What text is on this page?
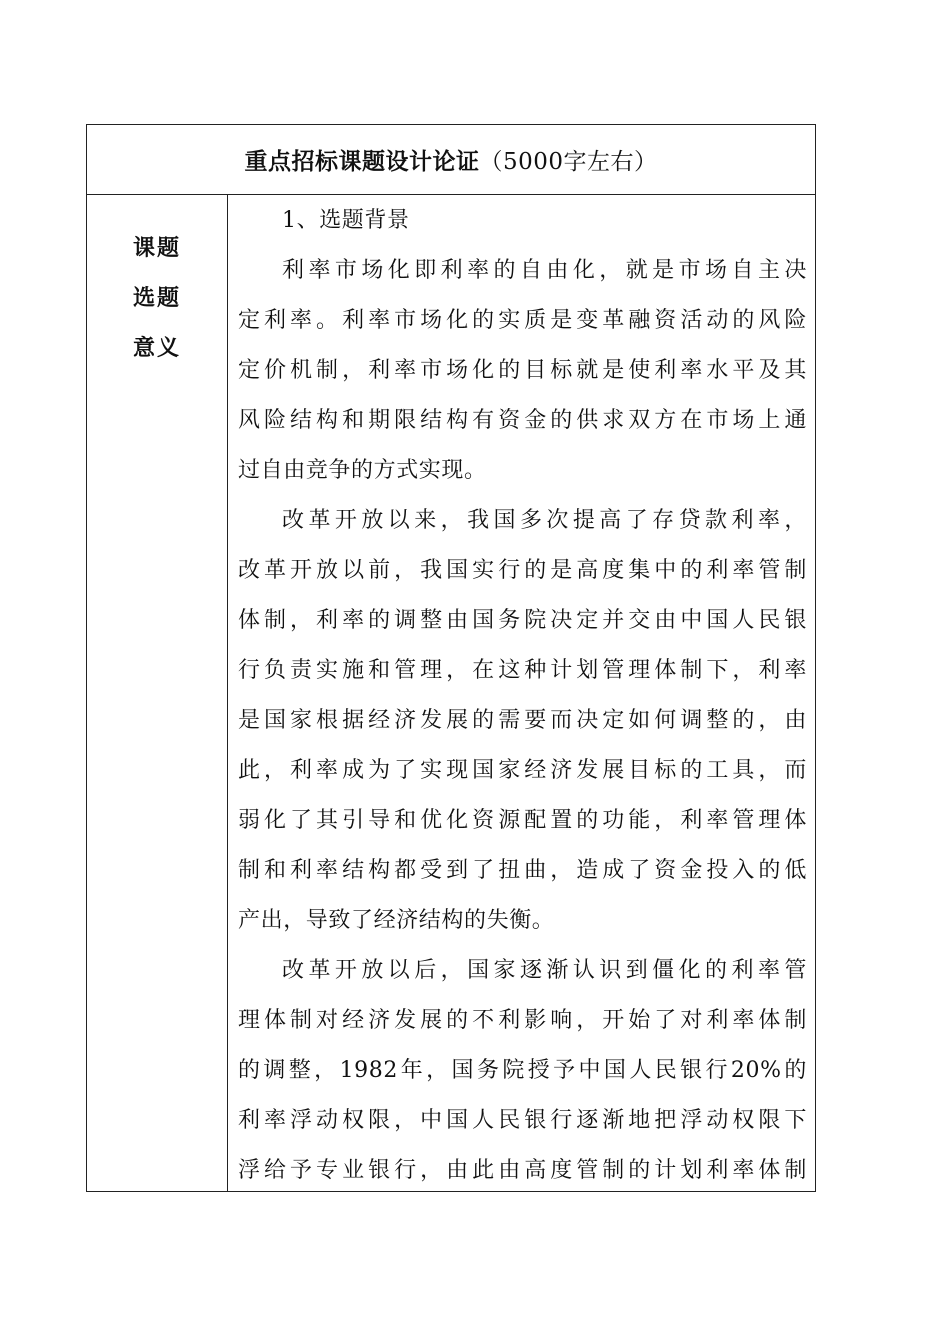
重点招标课题设计论证（5000字左右）
课题
选题
意义
1、选题背景
利率市场化即利率的自由化，就是市场自主决
定利率。利率市场化的实质是变革融资活动的风险
定价机制，利率市场化的目标就是使利率水平及其
风险结构和期限结构有资金的供求双方在市场上通
过自由竞争的方式实现。
改革开放以来，我国多次提高了存贷款利率，
改革开放以前，我国实行的是高度集中的利率管制
体制，利率的调整由国务院决定并交由中国人民银
行负责实施和管理，在这种计划管理体制下，利率
是国家根据经济发展的需要而决定如何调整的，由
此，利率成为了实现国家经济发展目标的工具，而
弱化了其引导和优化资源配置的功能，利率管理体
制和利率结构都受到了扭曲，造成了资金投入的低
产出，导致了经济结构的失衡。
改革开放以后，国家逐渐认识到僵化的利率管
理体制对经济发展的不利影响，开始了对利率体制
的调整，1982年，国务院授予中国人民银行20%的
利率浮动权限，中国人民银行逐渐地把浮动权限下
浮给予专业银行，由此由高度管制的计划利率体制
